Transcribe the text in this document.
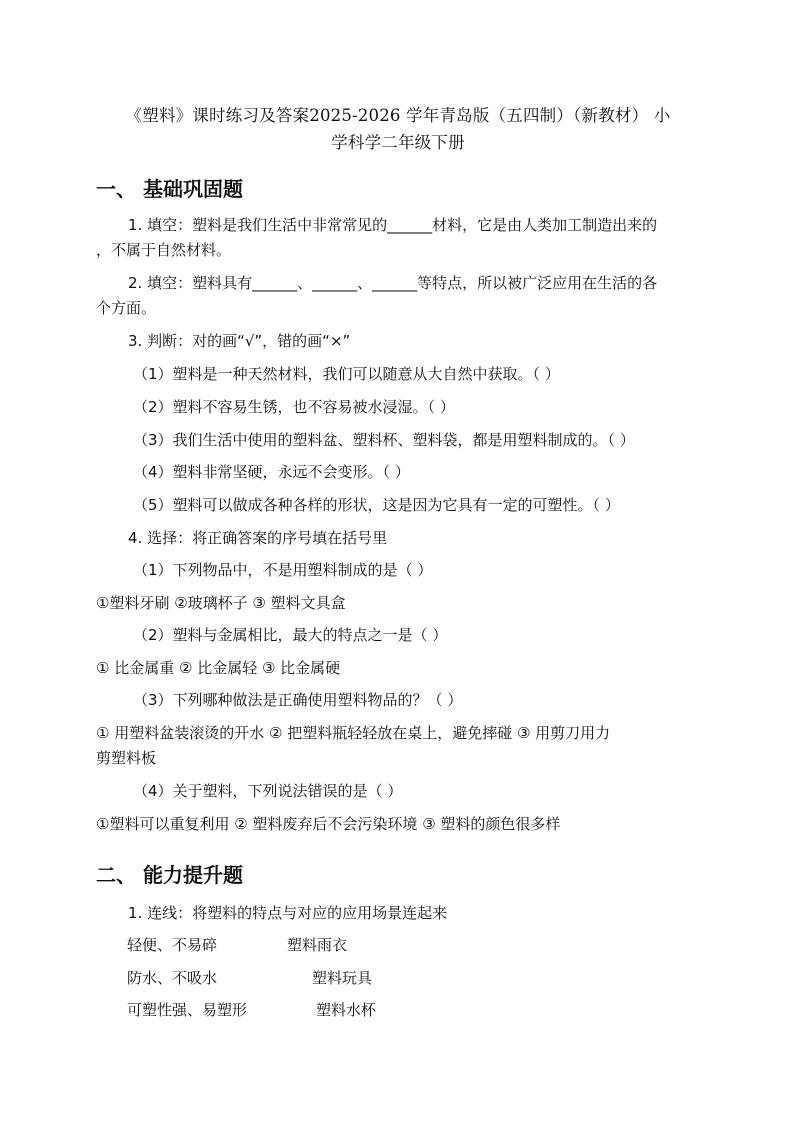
《塑料》课时练习及答案2025-2026 学年青岛版（五四制）（新教材） 小
学科学二年级下册
一、 基础巩固题
1. 填空：塑料是我们生活中非常常见的______材料，它是由人类加工制造出来的
，不属于自然材料。
2. 填空：塑料具有______、______、______等特点，所以被广泛应用在生活的各
个方面。
3. 判断：对的画“√”，错的画“×”
（1）塑料是一种天然材料，我们可以随意从大自然中获取。（ ）
（2）塑料不容易生锈，也不容易被水浸湿。（ ）
（3）我们生活中使用的塑料盆、塑料杯、塑料袋，都是用塑料制成的。（ ）
（4）塑料非常坚硬，永远不会变形。（ ）
（5）塑料可以做成各种各样的形状，这是因为它具有一定的可塑性。（ ）
4. 选择：将正确答案的序号填在括号里
（1）下列物品中，不是用塑料制成的是（ ）
①塑料牙刷 ②玻璃杯子 ③ 塑料文具盒
（2）塑料与金属相比，最大的特点之一是（ ）
① 比金属重 ② 比金属轻 ③ 比金属硬
（3）下列哪种做法是正确使用塑料物品的？（ ）
① 用塑料盆装滚烫的开水 ② 把塑料瓶轻轻放在桌上，避免摔碰 ③ 用剪刀用力
剪塑料板
（4）关于塑料，下列说法错误的是（ ）
①塑料可以重复利用 ② 塑料废弃后不会污染环境 ③ 塑料的颜色很多样
二、 能力提升题
1. 连线：将塑料的特点与对应的应用场景连起来
轻便、不易碎	塑料雨衣
防水、不吸水	塑料玩具
可塑性强、易塑形	塑料水杯
